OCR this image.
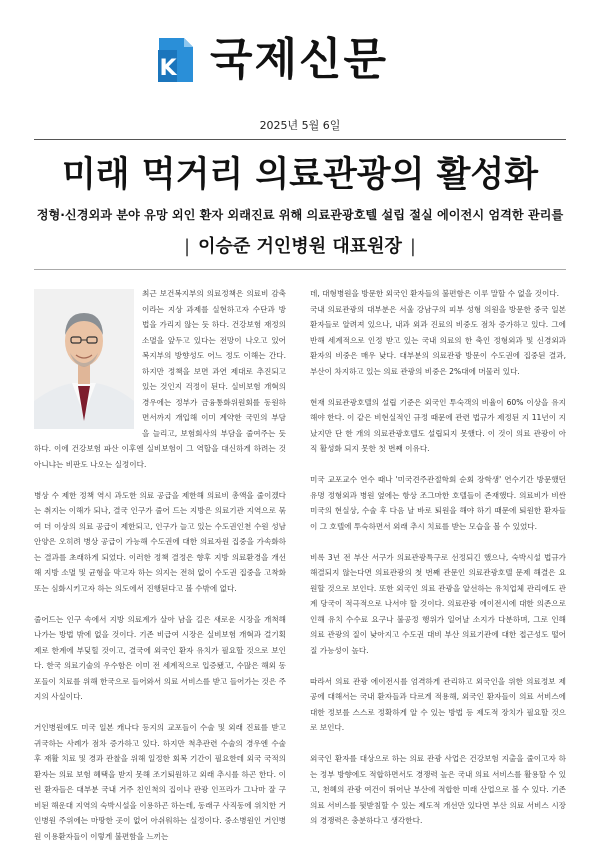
K 국제신문
2025년 5월 6일
미래 먹거리 의료관광의 활성화
정형·신경외과 분야 유망 외인 환자 외래진료 위해 의료관광호텔 설립 절실 에이전시 엄격한 관리를
| 이승준 거인병원 대표원장 |

최근 보건복지부의 의료정책은 의료비 감축이라는 지상 과제를 실현하고자 수단과 방법을 가리지 않는 듯 하다. 건강보험 재정의 소멸을 앞두고 있다는 전망이 나오고 있어 복지부의 방향성도 어느 정도 이해는 간다. 하지만 정책을 보면 과연 제대로 추진되고 있는 것인지 걱정이 된다. 실비보험 개혁의 경우에는 정부가 금융통화위원회를 동원하면서까지 개입해 이미 계약한 국민의 부담을 늘리고, 보험회사의 부담을 줄여주는 듯하다. 이에 건강보험 파산 이후엔 실비보험이 그 역할을 대신하게 하려는 것 아니냐는 비판도 나오는 실정이다.

병상 수 제한 정책 역시 과도한 의료 공급을 제한해 의료비 총액을 줄이겠다는 취지는 이해가 되나, 결국 인구가 줄어 드는 지방은 의료기관 지역으로 묶여 더 이상의 의료 공급이 제한되고, 인구가 늘고 있는 수도권인천 수원 성남 안양은 오히려 병상 공급이 가능해 수도권에 대한 의료자원 집중을 가속화하는 결과를 초래하게 되었다. 이러한 정책 결정은 향후 지방 의료환경을 개선해 지방 소멸 및 균형을 막고자 하는 의지는 전혀 없이 수도권 집중을 고착화 또는 심화시키고자 하는 의도에서 진행된다고 볼 수밖에 없다.

줄어드는 인구 속에서 지방 의료계가 살아 남을 길은 새로운 시장을 개척해 나가는 방법 밖에 없을 것이다. 기존 비급여 시장은 실비보험 개혁과 걸기획제로 한계에 부딪힐 것이고, 결국에 외국인 환자 유치가 필요할 것으로 보인다. 한국 의료기술의 우수함은 이미 전 세계적으로 입증됐고, 수많은 해외 동포들이 치료를 위해 한국으로 들어와서 의료 서비스를 받고 들어가는 것은 주지의 사실이다.

거인병원에도 미국 일본 캐나다 등지의 교포들이 수술 및 외래 진료를 받고 귀국하는 사례가 점차 증가하고 있다. 하지만 척추관련 수술의 경우엔 수술 후 재활 치료 및 경과 관찰을 위해 일정한 회복 기간이 필요한데 외국 국적의 환자는 의료 보험 혜택을 받지 못해 조기퇴원하고 외래 추시를 하곤 한다. 이런 환자들은 대부분 국내 거주 친인척의 집이나 관광 인프라가 그나마 잘 구비된 해운대 지역의 숙박시설을 이용하곤 하는데, 동래구 사직동에 위치한 거인병원 주위에는 마땅한 곳이 없어 아쉬워하는 실정이다. 중소병원인 거인병원 이용환자들이 이렇게 불편함을 느끼는

데, 대형병원을 방문한 외국인 환자들의 불편함은 이루 말할 수 없을 것이다.

국내 의료관광의 대부분은 서울 강남구의 피부 성형 의원을 방문한 중국 일본 환자들로 알려져 있으나, 내과 외과 진료의 비중도 점차 증가하고 있다. 그에 반해 세계적으로 인정 받고 있는 국내 의료의 한 축인 정형외과 및 신경외과 환자의 비중은 매우 낮다. 대부분의 의료관광 방문이 수도권에 집중된 결과, 부산이 차지하고 있는 의료 관광의 비중은 2%대에 머물러 있다.

현재 의료관광호텔의 설립 기준은 외국인 투숙객의 비율이 60% 이상을 유지해야 한다. 이 같은 비현실적인 규정 때문에 관련 법규가 제정된 지 11년이 지났지만 단 한 개의 의료관광호텔도 설립되지 못했다. 이 것이 의료 관광이 아직 활성화 되지 못한 첫 번째 이유다.

미국 교포교수 연수 때나 '미국견주관절학회 순회 장학생' 연수기간 방문했던 유명 정형외과 병원 옆에는 항상 조그마한 호텔들이 존재했다. 의료비가 비싼 미국의 현실상, 수술 후 다음 날 바로 퇴원을 해야 하기 때문에 퇴원한 환자들이 그 호텔에 투숙하면서 외래 추시 치료를 받는 모습을 볼 수 있었다.

비록 3년 전 부산 서구가 의료관광특구로 선정되긴 했으나, 숙박시설 법규가 해결되지 않는다면 의료관광의 첫 번째 관문인 의료관광호텔 문제 해결은 요원할 것으로 보인다. 또한 외국인 의료 관광을 알선하는 유치업체 관리에도 관계 당국이 적극적으로 나서야 할 것이다. 의료관광 에이전시에 대한 의존으로 인해 유치 수수료 요구나 불공정 행위가 일어날 소지가 다분하며, 그로 인해 의료 관광의 질이 낮아지고 수도권 대비 부산 의료기관에 대한 접근성도 떨어질 가능성이 높다.

따라서 의료 관광 에이전시를 엄격하게 관리하고 외국인을 위한 의료정보 제공에 대해서는 국내 환자들과 다르게 적용해, 외국인 환자들이 의료 서비스에 대한 정보를 스스로 정확하게 알 수 있는 방법 등 제도적 장치가 필요할 것으로 보인다.

외국인 환자를 대상으로 하는 의료 관광 사업은 건강보험 지출을 줄이고자 하는 정부 방향에도 적합하면서도 경쟁력 높은 국내 의료 서비스를 활용할 수 있고, 천혜의 관광 여건이 뛰어난 부산에 적합한 미래 산업으로 볼 수 있다. 기존 의료 서비스를 뒷받침할 수 있는 제도적 개선만 있다면 부산 의료 서비스 시장의 경쟁력은 충분하다고 생각한다.
